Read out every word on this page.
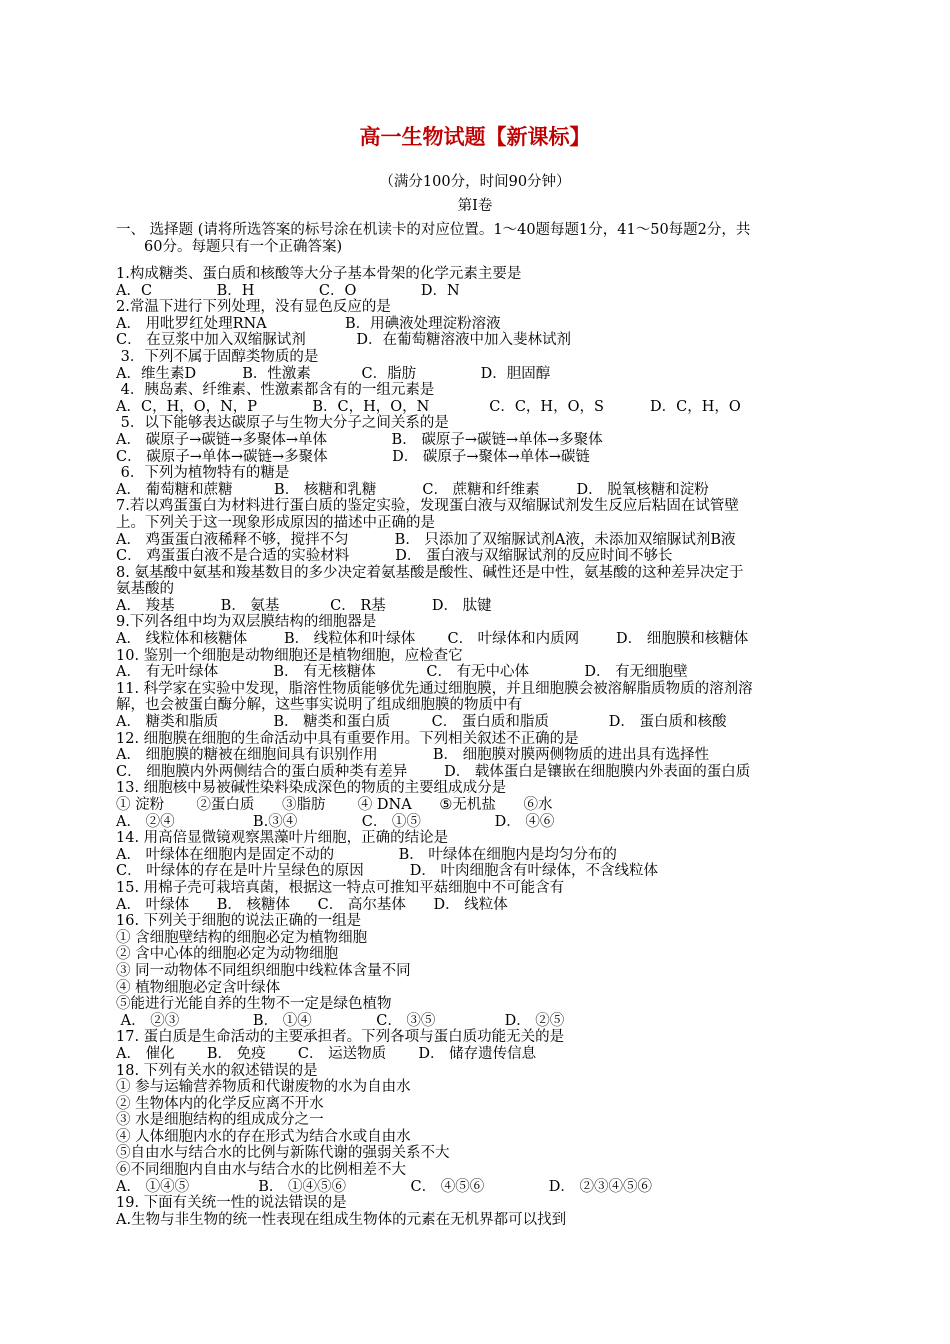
高一生物试题【新课标】
（满分100分，时间90分钟）
第Ⅰ卷
一、 选择题 (请将所选答案的标号涂在机读卡的对应位置。1～40题每题1分，41～50每题2分，共
60分。每题只有一个正确答案)
1.构成糖类、蛋白质和核酸等大分子基本骨架的化学元素主要是
A．C              B．H              C．O              D．N
2.常温下进行下列处理，没有显色反应的是
A． 用吡罗红处理RNA                 B．用碘液处理淀粉溶液
C． 在豆浆中加入双缩脲试剂           D．在葡萄糖溶液中加入斐林试剂
3．下列不属于固醇类物质的是
A．维生素D          B．性激素           C．脂肪              D．胆固醇
4．胰岛素、纤维素、性激素都含有的一组元素是
A．C，H，O，N，P            B．C，H，O，N             C．C，H，O，S          D．C，H，O
5．以下能够表达碳原子与生物大分子之间关系的是
A． 碳原子→碳链→多聚体→单体              B． 碳原子→碳链→单体→多聚体
C． 碳原子→单体→碳链→多聚体              D． 碳原子→聚体→单体→碳链
6．下列为植物特有的糖是
A． 葡萄糖和蔗糖         B． 核糖和乳糖          C． 蔗糖和纤维素        D． 脱氧核糖和淀粉
7.若以鸡蛋蛋白为材料进行蛋白质的鉴定实验，发现蛋白液与双缩脲试剂发生反应后粘固在试管壁
上。下列关于这一现象形成原因的描述中正确的是
A． 鸡蛋蛋白液稀释不够，搅拌不匀          B． 只添加了双缩脲试剂A液，未添加双缩脲试剂B液
C． 鸡蛋蛋白液不是合适的实验材料          D． 蛋白液与双缩脲试剂的反应时间不够长
8. 氨基酸中氨基和羧基数目的多少决定着氨基酸是酸性、碱性还是中性，氨基酸的这种差异决定于
氨基酸的
A． 羧基          B． 氨基           C． R基          D． 肽键
9.下列各组中均为双层膜结构的细胞器是
A． 线粒体和核糖体        B． 线粒体和叶绿体       C． 叶绿体和内质网        D． 细胞膜和核糖体
10. 鉴别一个细胞是动物细胞还是植物细胞，应检查它
A． 有无叶绿体            B． 有无核糖体           C． 有无中心体            D． 有无细胞壁
11. 科学家在实验中发现，脂溶性物质能够优先通过细胞膜，并且细胞膜会被溶解脂质物质的溶剂溶
解，也会被蛋白酶分解，这些事实说明了组成细胞膜的物质中有
A． 糖类和脂质            B． 糖类和蛋白质         C． 蛋白质和脂质             D． 蛋白质和核酸
12. 细胞膜在细胞的生命活动中具有重要作用。下列相关叙述不正确的是
A． 细胞膜的糖被在细胞间具有识别作用            B． 细胞膜对膜两侧物质的进出具有选择性
C． 细胞膜内外两侧结合的蛋白质种类有差异        D． 载体蛋白是镶嵌在细胞膜内外表面的蛋白质
13. 细胞核中易被碱性染料染成深色的物质的主要组成成分是
① 淀粉       ②蛋白质      ③脂肪       ④ DNA      ⑤无机盐      ⑥水
A． ②④                 B.③④              C． ①⑤                D． ④⑥
14. 用高倍显微镜观察黑藻叶片细胞，正确的结论是
A． 叶绿体在细胞内是固定不动的              B． 叶绿体在细胞内是均匀分布的
C． 叶绿体的存在是叶片呈绿色的原因          D． 叶肉细胞含有叶绿体，不含线粒体
15. 用棉子壳可栽培真菌，根据这一特点可推知平菇细胞中不可能含有
A． 叶绿体      B． 核糖体      C． 高尔基体      D． 线粒体
16. 下列关于细胞的说法正确的一组是
① 含细胞壁结构的细胞必定为植物细胞
② 含中心体的细胞必定为动物细胞
③ 同一动物体不同组织细胞中线粒体含量不同
④ 植物细胞必定含叶绿体
⑤能进行光能自养的生物不一定是绿色植物
A． ②③                B． ①④              C． ③⑤               D． ②⑤
17. 蛋白质是生命活动的主要承担者。下列各项与蛋白质功能无关的是
A． 催化       B． 免疫       C． 运送物质       D． 储存遗传信息
18. 下列有关水的叙述错误的是
① 参与运输营养物质和代谢废物的水为自由水
② 生物体内的化学反应离不开水
③ 水是细胞结构的组成成分之一
④ 人体细胞内水的存在形式为结合水或自由水
⑤自由水与结合水的比例与新陈代谢的强弱关系不大
⑥不同细胞内自由水与结合水的比例相差不大
A． ①④⑤               B． ①④⑤⑥              C． ④⑤⑥              D． ②③④⑤⑥
19. 下面有关统一性的说法错误的是
A.生物与非生物的统一性表现在组成生物体的元素在无机界都可以找到
